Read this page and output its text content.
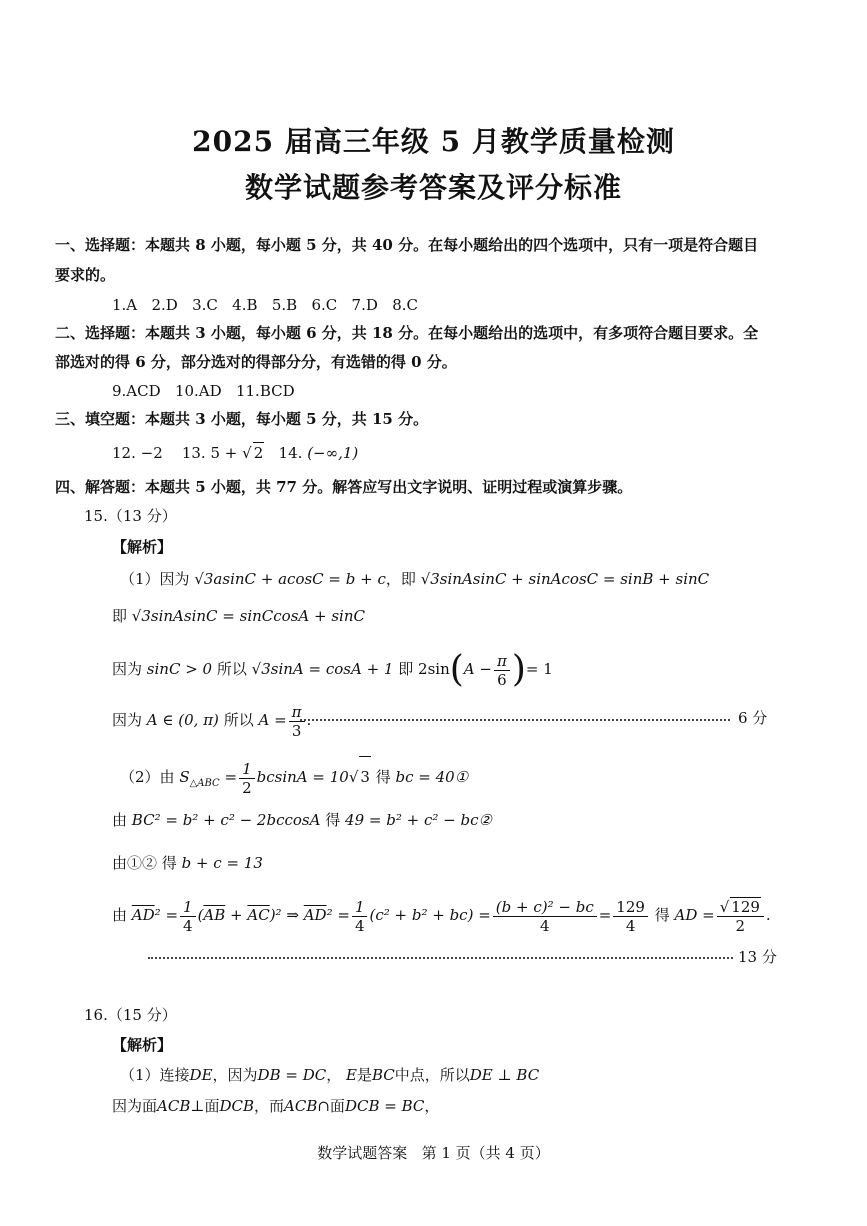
2025 届高三年级 5 月教学质量检测
数学试题参考答案及评分标准
一、选择题：本题共 8 小题，每小题 5 分，共 40 分。在每小题给出的四个选项中，只有一项是符合题目
要求的。
1.A   2.D   3.C   4.B   5.B   6.C   7.D   8.C
二、选择题：本题共 3 小题，每小题 6 分，共 18 分。在每小题给出的选项中，有多项符合题目要求。全
部选对的得 6 分，部分选对的得部分分，有选错的得 0 分。
9.ACD   10.AD   11.BCD
三、填空题：本题共 3 小题，每小题 5 分，共 15 分。
12. −2 13. 5 + √ 2 14. (−∞,1)
四、解答题：本题共 5 小题，共 77 分。解答应写出文字说明、证明过程或演算步骤。
15.（13 分）
【解析】
（1）因为 √3asinC + acosC = b + c，即 √3sinAsinC + sinAcosC = sinB + sinC
即 √3sinAsinC = sinCcosA + sinC
因为 sinC > 0 所以 √3sinA = cosA + 1 即 $2\sin(A - \frac{\pi}{6}$ )= 1
因为 A ∈ (0, π) 所以 $A = \frac{\pi}{3}$ .	6 分
（2）由 $S_{\triangle ABC} = \frac{1}{2}$ bcsinA = 10√ 3 得 bc = 40①
由 BC² = b² + c² − 2bccosA 得 49 = b² + c² − bc②
由①② 得 b + c = 13
由 $\overline{AD}^2 = \frac{1}{4} (\overline{AB} + \overline{AC})^2$ ⇒ $\overline{AD}^2 = \frac{1}{4} (c^2 + b^2 + bc) = \frac{\text{(b + c)² − bc}}{4} = \frac{129}{4}$ 得 AD = $\frac{√ 129}{2}$ .
13 分
16.（15 分）
【解析】
（1）连接DE，因为DB = DC， E是BC中点，所以DE ⊥ BC
因为面ACB⊥面DCB，而ACB∩面DCB = BC，
数学试题答案   第 1 页（共 4 页）
